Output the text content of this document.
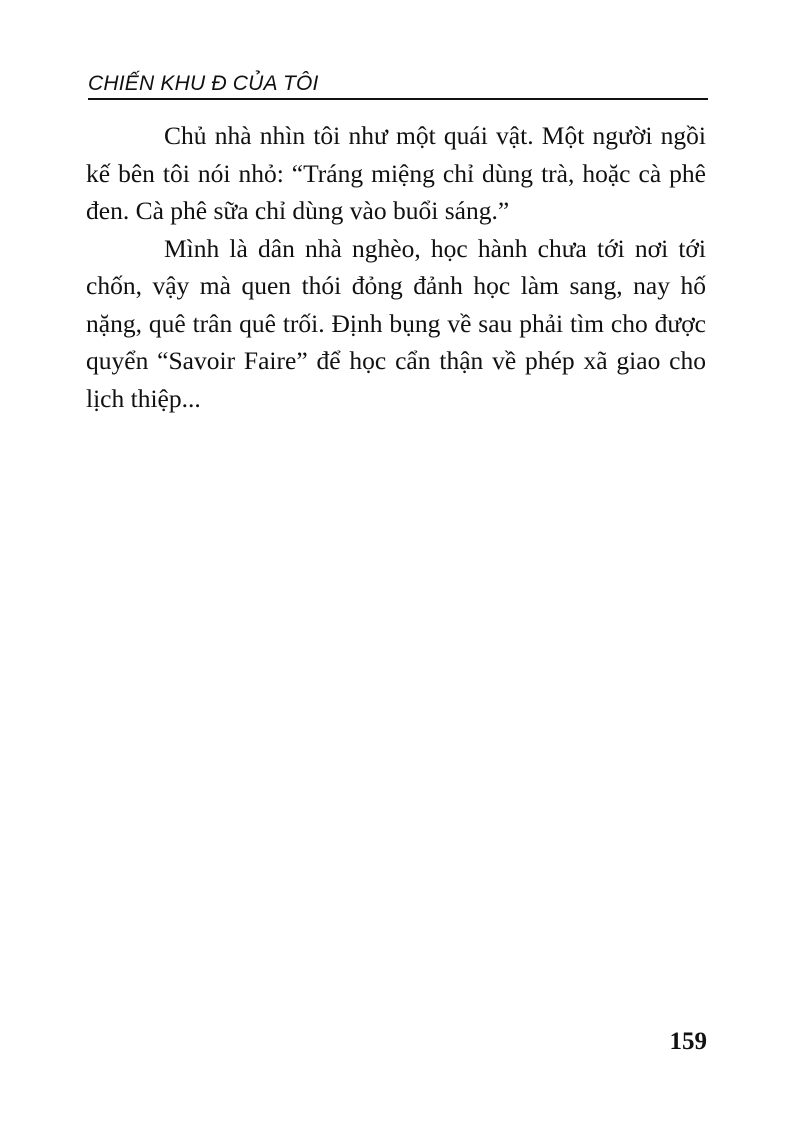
CHIẾN KHU Đ CỦA TÔI

Chủ nhà nhìn tôi như một quái vật. Một người ngồi kế bên tôi nói nhỏ: “Tráng miệng chỉ dùng trà, hoặc cà phê đen. Cà phê sữa chỉ dùng vào buổi sáng.”

Mình là dân nhà nghèo, học hành chưa tới nơi tới chốn, vậy mà quen thói đỏng đảnh học làm sang, nay hố nặng, quê trân quê trối. Định bụng về sau phải tìm cho được quyển “Savoir Faire” để học cẩn thận về phép xã giao cho lịch thiệp...

159
